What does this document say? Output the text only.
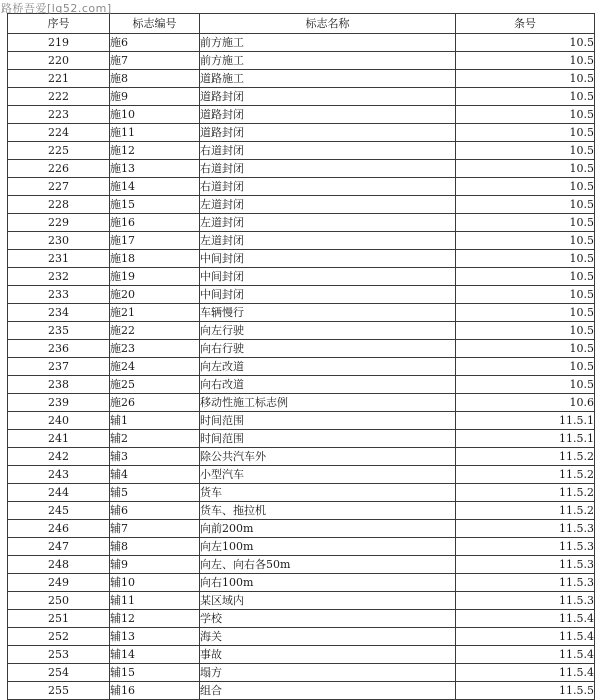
路桥吾爱[lq52.com]
序号	标志编号	标志名称	条号
219	施6	前方施工	10.5
220	施7	前方施工	10.5
221	施8	道路施工	10.5
222	施9	道路封闭	10.5
223	施10	道路封闭	10.5
224	施11	道路封闭	10.5
225	施12	右道封闭	10.5
226	施13	右道封闭	10.5
227	施14	右道封闭	10.5
228	施15	左道封闭	10.5
229	施16	左道封闭	10.5
230	施17	左道封闭	10.5
231	施18	中间封闭	10.5
232	施19	中间封闭	10.5
233	施20	中间封闭	10.5
234	施21	车辆慢行	10.5
235	施22	向左行驶	10.5
236	施23	向右行驶	10.5
237	施24	向左改道	10.5
238	施25	向右改道	10.5
239	施26	移动性施工标志例	10.6
240	辅1	时间范围	11.5.1
241	辅2	时间范围	11.5.1
242	辅3	除公共汽车外	11.5.2
243	辅4	小型汽车	11.5.2
244	辅5	货车	11.5.2
245	辅6	货车、拖拉机	11.5.2
246	辅7	向前200m	11.5.3
247	辅8	向左100m	11.5.3
248	辅9	向左、向右各50m	11.5.3
249	辅10	向右100m	11.5.3
250	辅11	某区域内	11.5.3
251	辅12	学校	11.5.4
252	辅13	海关	11.5.4
253	辅14	事故	11.5.4
254	辅15	塌方	11.5.4
255	辅16	组合	11.5.5
